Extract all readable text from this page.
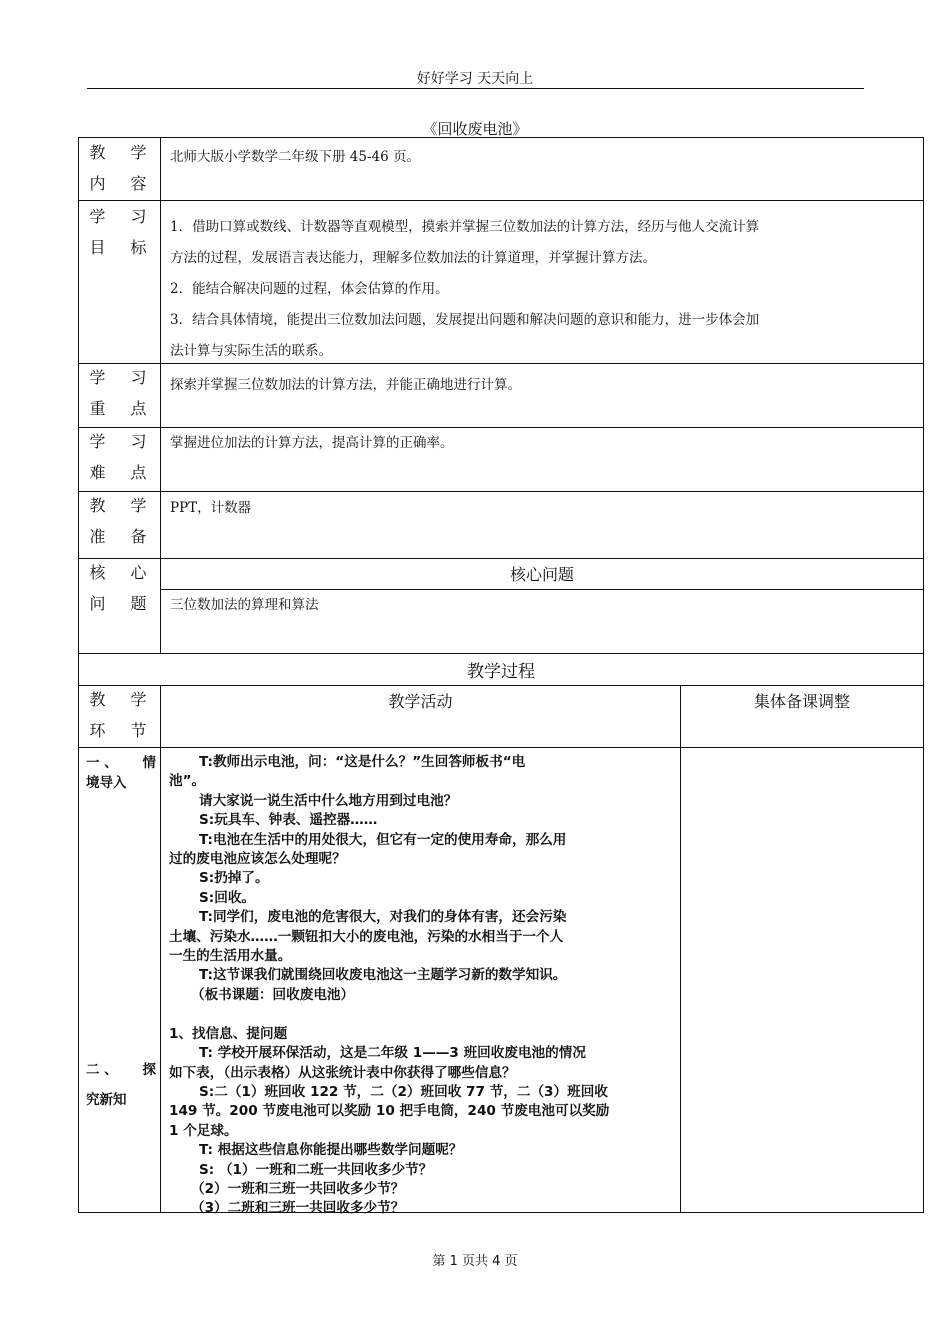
好好学习 天天向上
《回收废电池》
教 学
内 容
北师大版小学数学二年级下册 45-46 页。
学 习
目 标
1．借助口算或数线、计数器等直观模型，摸索并掌握三位数加法的计算方法，经历与他人交流计算
方法的过程，发展语言表达能力，理解多位数加法的计算道理，并掌握计算方法。
2．能结合解决问题的过程，体会估算的作用。
3．结合具体情境，能提出三位数加法问题，发展提出问题和解决问题的意识和能力，进一步体会加
法计算与实际生活的联系。
学 习
重 点
探索并掌握三位数加法的计算方法，并能正确地进行计算。
学 习
难 点
掌握进位加法的计算方法，提高计算的正确率。
教 学
准 备
PPT，计数器
核 心
问 题
核心问题
三位数加法的算理和算法
教学过程
教 学
环 节
教学活动	集体备课调整
一 、 情
境导入
二 、 探
究新知
T:教师出示电池，问：“这是什么？”生回答师板书“电
池”。
请大家说一说生活中什么地方用到过电池？
S:玩具车、钟表、遥控器……
T:电池在生活中的用处很大，但它有一定的使用寿命，那么用
过的废电池应该怎么处理呢？
S:扔掉了。
S:回收。
T:同学们，废电池的危害很大，对我们的身体有害，还会污染
土壤、污染水……一颗钮扣大小的废电池，污染的水相当于一个人
一生的生活用水量。
T:这节课我们就围绕回收废电池这一主题学习新的数学知识。
（板书课题：回收废电池）

1、找信息、提问题
T: 学校开展环保活动，这是二年级 1——3 班回收废电池的情况
如下表，（出示表格）从这张统计表中你获得了哪些信息？
S:二（1）班回收 122 节，二（2）班回收 77 节，二（3）班回收
149 节。200 节废电池可以奖励 10 把手电筒，240 节废电池可以奖励
1 个足球。
T: 根据这些信息你能提出哪些数学问题呢？
S: （1）一班和二班一共回收多少节？
（2）一班和三班一共回收多少节？
（3）二班和三班一共回收多少节？
第 1 页共 4 页
